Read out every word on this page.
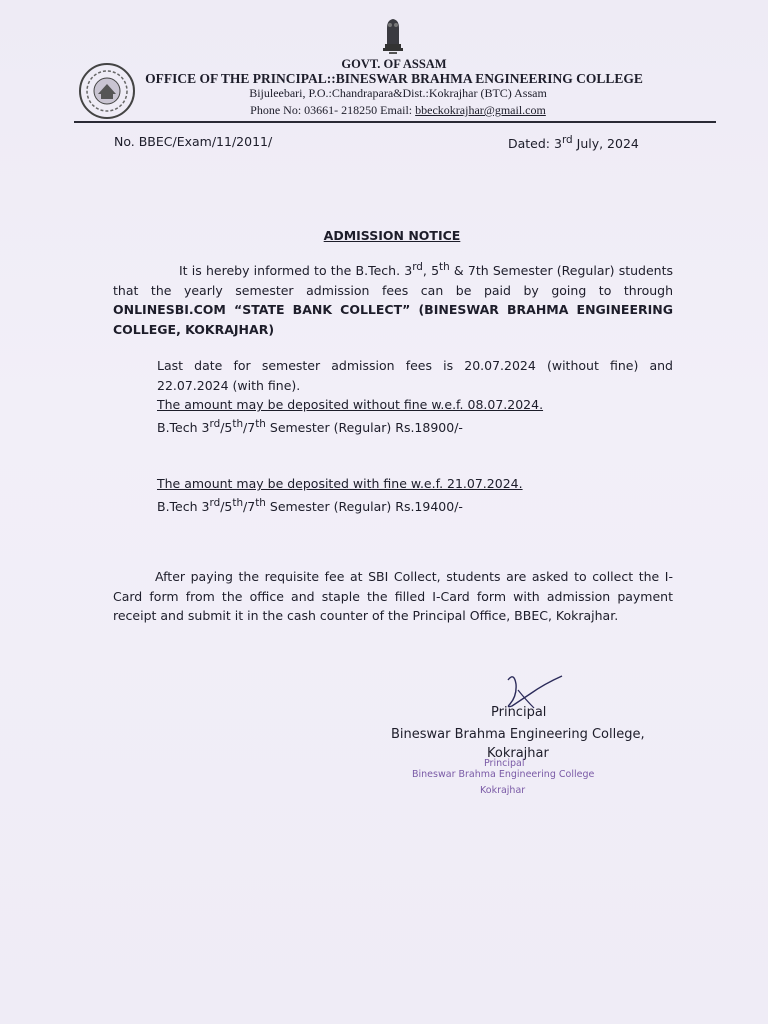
GOVT. OF ASSAM
OFFICE OF THE PRINCIPAL::BINESWAR BRAHMA ENGINEERING COLLEGE
Bijuleebari, P.O.:Chandrapara&Dist.:Kokrajhar (BTC) Assam
Phone No: 03661- 218250 Email: bbeckokrajhar@gmail.com
No. BBEC/Exam/11/2011/	Dated: 3rd July, 2024
ADMISSION NOTICE
It is hereby informed to the B.Tech. 3rd, 5th & 7th Semester (Regular) students that the yearly semester admission fees can be paid by going to through ONLINESBI.COM “STATE BANK COLLECT” (BINESWAR BRAHMA ENGINEERING COLLEGE, KOKRAJHAR)
Last date for semester admission fees is 20.07.2024 (without fine) and 22.07.2024 (with fine).
The amount may be deposited without fine w.e.f. 08.07.2024.
B.Tech 3rd/5th/7th Semester (Regular) Rs.18900/-
The amount may be deposited with fine w.e.f. 21.07.2024.
B.Tech 3rd/5th/7th Semester (Regular) Rs.19400/-
After paying the requisite fee at SBI Collect, students are asked to collect the I-Card form from the office and staple the filled I-Card form with admission payment receipt and submit it in the cash counter of the Principal Office, BBEC, Kokrajhar.
Principal
Bineswar Brahma Engineering College,
Kokrajhar
Principal
Bineswar Brahma Engineering College
Kokrajhar
